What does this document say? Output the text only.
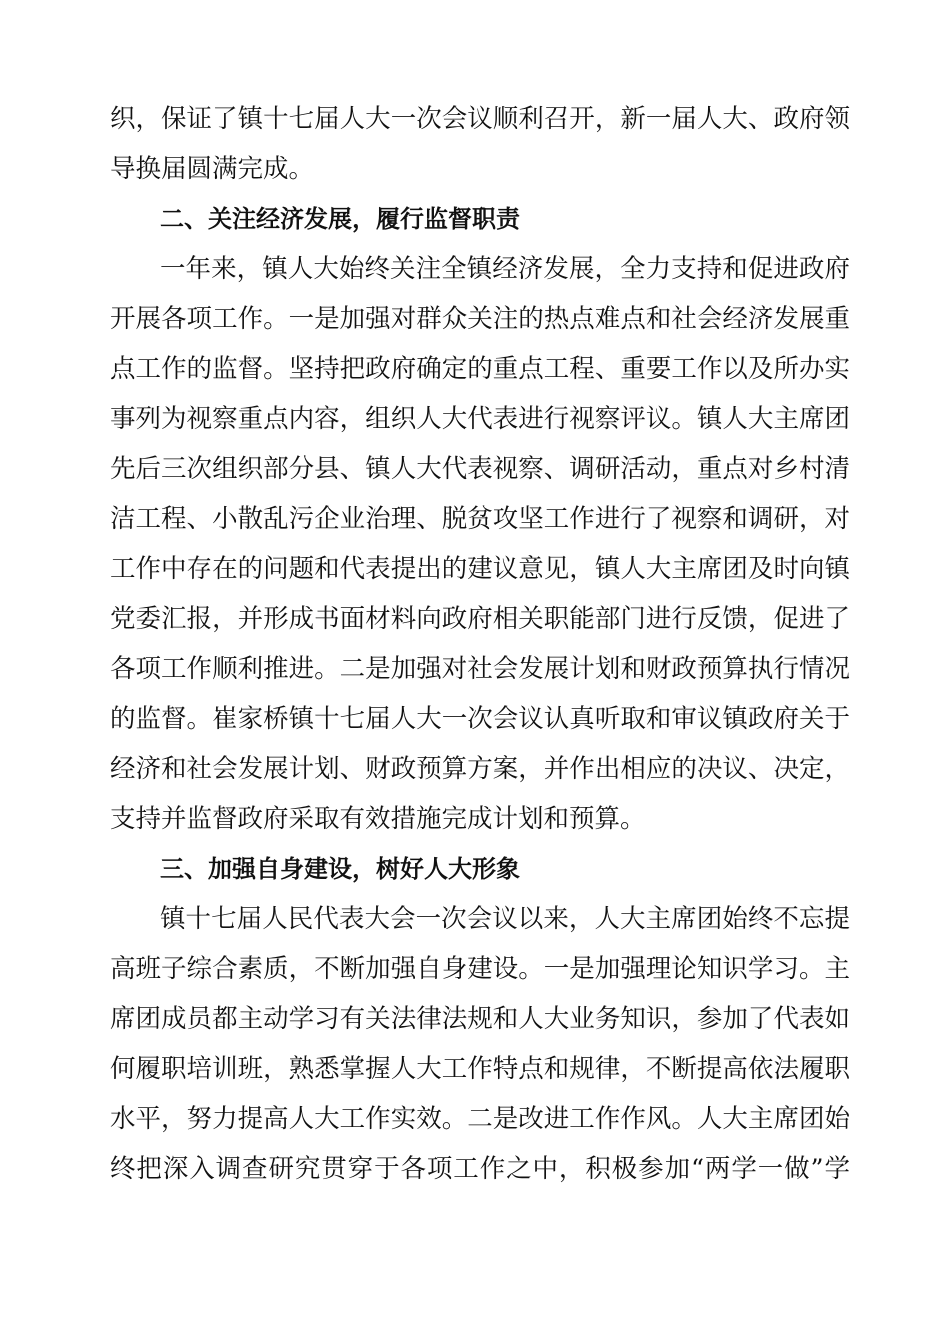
织，保证了镇十七届人大一次会议顺利召开，新一届人大、政府领
导换届圆满完成。
二、关注经济发展，履行监督职责
一年来，镇人大始终关注全镇经济发展，全力支持和促进政府
开展各项工作。一是加强对群众关注的热点难点和社会经济发展重
点工作的监督。坚持把政府确定的重点工程、重要工作以及所办实
事列为视察重点内容，组织人大代表进行视察评议。镇人大主席团
先后三次组织部分县、镇人大代表视察、调研活动，重点对乡村清
洁工程、小散乱污企业治理、脱贫攻坚工作进行了视察和调研，对
工作中存在的问题和代表提出的建议意见，镇人大主席团及时向镇
党委汇报，并形成书面材料向政府相关职能部门进行反馈，促进了
各项工作顺利推进。二是加强对社会发展计划和财政预算执行情况
的监督。崔家桥镇十七届人大一次会议认真听取和审议镇政府关于
经济和社会发展计划、财政预算方案，并作出相应的决议、决定，
支持并监督政府采取有效措施完成计划和预算。
三、加强自身建设，树好人大形象
镇十七届人民代表大会一次会议以来，人大主席团始终不忘提
高班子综合素质，不断加强自身建设。一是加强理论知识学习。主
席团成员都主动学习有关法律法规和人大业务知识，参加了代表如
何履职培训班，熟悉掌握人大工作特点和规律，不断提高依法履职
水平，努力提高人大工作实效。二是改进工作作风。人大主席团始
终把深入调查研究贯穿于各项工作之中，积极参加“两学一做”学
